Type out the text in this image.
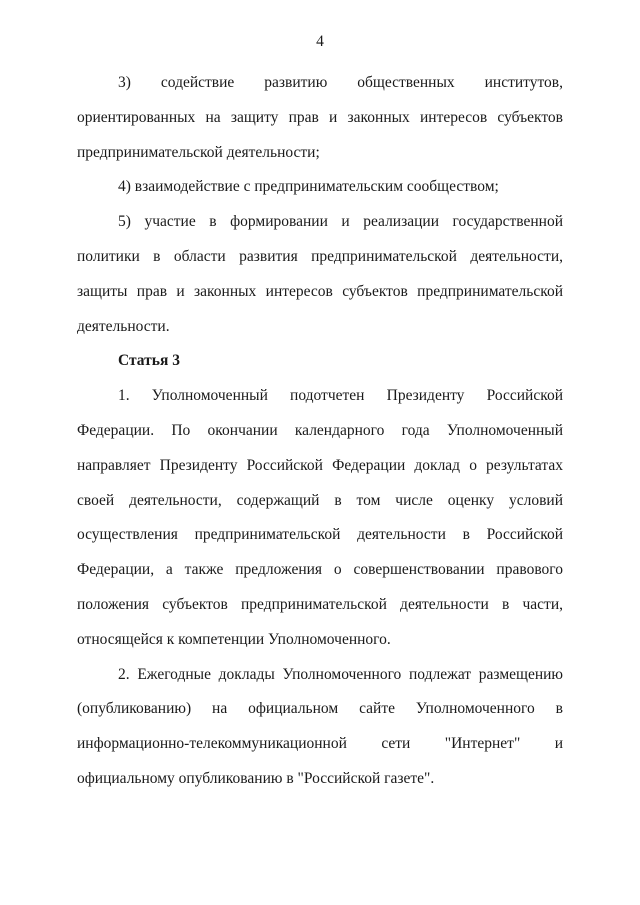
4

3) содействие развитию общественных институтов, ориентированных на защиту прав и законных интересов субъектов предпринимательской деятельности;

4) взаимодействие с предпринимательским сообществом;

5) участие в формировании и реализации государственной политики в области развития предпринимательской деятельности, защиты прав и законных интересов субъектов предпринимательской деятельности.

Статья 3

1. Уполномоченный подотчетен Президенту Российской Федерации. По окончании календарного года Уполномоченный направляет Президенту Российской Федерации доклад о результатах своей деятельности, содержащий в том числе оценку условий осуществления предпринимательской деятельности в Российской Федерации, а также предложения о совершенствовании правового положения субъектов предпринимательской деятельности в части, относящейся к компетенции Уполномоченного.

2. Ежегодные доклады Уполномоченного подлежат размещению (опубликованию) на официальном сайте Уполномоченного в информационно-телекоммуникационной сети "Интернет" и официальному опубликованию в "Российской газете".
